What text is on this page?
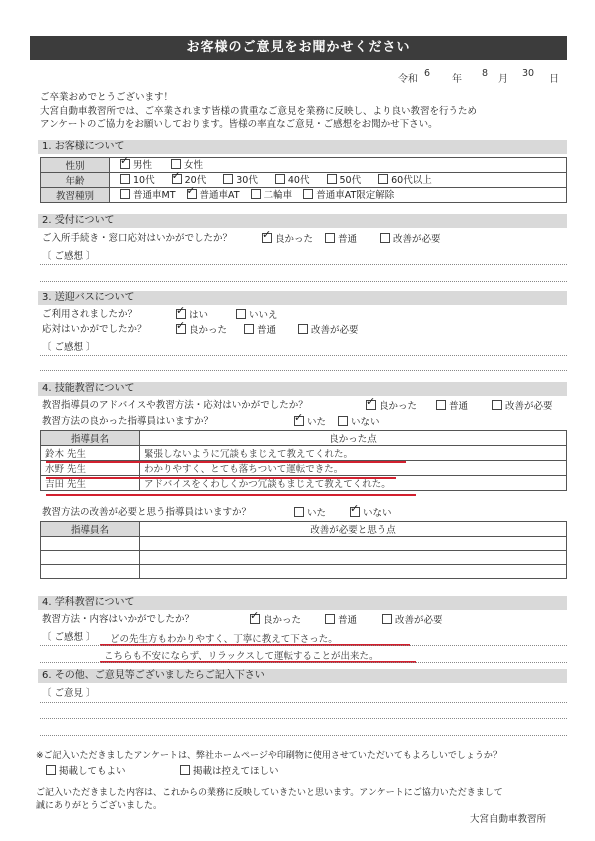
お客様のご意見をお聞かせください
令和
6
年
8
月
30
日
ご卒業おめでとうございます！
大宮自動車教習所では、ご卒業されます皆様の貴重なご意見を業務に反映し、より良い教習を行うため
アンケートのご協力をお願いしております。皆様の率直なご意見・ご感想をお聞かせ下さい。
1. お客様について
性別	✓男性 女性
年齢	10代 ✓ 20代 30代 40代 50代 60代以上
教習種別	普通車MT ✓ 普通車AT 二輪車 普通車AT限定解除
2. 受付について
ご入所手続き・窓口応対はいかがでしたか？ ✓	良かった	普通	改善が必要
〔 ご感想 〕
3. 送迎バスについて
ご利用されましたか？ ✓	はい	いいえ
応対はいかがでしたか？ ✓	良かった	普通	改善が必要
〔 ご感想 〕
4. 技能教習について
教習指導員のアドバイスや教習方法・応対はいかがでしたか？ ✓	良かった	普通	改善が必要
教習方法の良かった指導員はいますか？ ✓	いた	いない
指導員名	良かった点
鈴木 先生	緊張しないように冗談もまじえて教えてくれた。
水野 先生	わかりやすく、とても落ちついて運転できた。
吉田 先生	アドバイスをくわしくかつ冗談もまじえて教えてくれた。
教習方法の改善が必要と思う指導員はいますか？	いた ✓	いない
指導員名	改善が必要と思う点

4. 学科教習について
教習方法・内容はいかがでしたか？ ✓	良かった	普通	改善が必要
〔 ご感想 〕 どの先生方もわかりやすく、丁寧に教えて下さった。
こちらも不安にならず、リラックスして運転することが出来た。
6. その他、ご意見等ございましたらご記入下さい
〔 ご意見 〕
※ご記入いただきましたアンケートは、弊社ホームページや印刷物に使用させていただいてもよろしいでしょうか？
掲載してもよい	掲載は控えてほしい
ご記入いただきました内容は、これからの業務に反映していきたいと思います。アンケートにご協力いただきまして
誠にありがとうございました。
大宮自動車教習所
